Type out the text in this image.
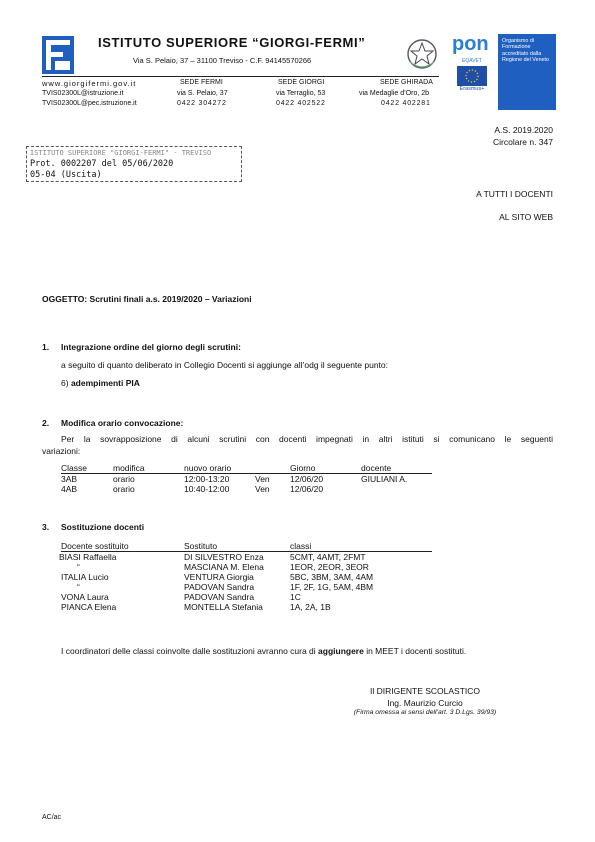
ISTITUTO SUPERIORE “GIORGI-FERMI”
Via S. Pelaio, 37 – 31100 Treviso - C.F. 94145570266
pon
EQAVET
Erasmus+
Organismo di Formazione accreditato dalla Regione del Veneto
www.giorgifermi.gov.it
TVIS02300L@istruzione.it
TVIS02300L@pec.istruzione.it
SEDE FERMI
via S. Pelaio, 37
0422 304272
SEDE GIORGI
via Terraglio, 53
0422 402522
SEDE GHIRADA
via Medaglie d’Oro, 2b
0422 402281
A.S. 2019.2020
Circolare n. 347
ISTITUTO SUPERIORE "GIORGI-FERMI" - TREVISO
Prot. 0002207 del 05/06/2020
05-04 (Uscita)
A TUTTI I DOCENTI
AL SITO WEB
OGGETTO: Scrutini finali a.s. 2019/2020 – Variazioni
1. Integrazione ordine del giorno degli scrutini:
a seguito di quanto deliberato in Collegio Docenti si aggiunge all’odg il seguente punto:
6) adempimenti PIA
2. Modifica orario convocazione:
Per la sovrapposizione di alcuni scrutini con docenti impegnati in altri istituti si comunicano le seguenti
variazioni:
Classe	modifica	nuovo orario		Giorno	docente
3AB	orario	12:00-13:20	Ven	12/06/20	GIULIANI A.
4AB	orario	10:40-12:00	Ven	12/06/20	
3. Sostituzione docenti
Docente sostituito	Sostituto	classi
BIASI Raffaella	DI SILVESTRO Enza	5CMT, 4AMT, 2FMT
“	MASCIANA M. Elena	1EOR, 2EOR, 3EOR
ITALIA Lucio	VENTURA Giorgia	5BC, 3BM, 3AM, 4AM
“	PADOVAN Sandra	1F, 2F, 1G, 5AM, 4BM
VONA Laura	PADOVAN Sandra	1C
PIANCA Elena	MONTELLA Stefania	1A, 2A, 1B
I coordinatori delle classi coinvolte dalle sostituzioni avranno cura di aggiungere in MEET i docenti sostituti.
Il DIRIGENTE SCOLASTICO
Ing. Maurizio Curcio
(Firma omessa ai sensi dell’art. 3 D.Lgs. 39/93)
AC/ac
